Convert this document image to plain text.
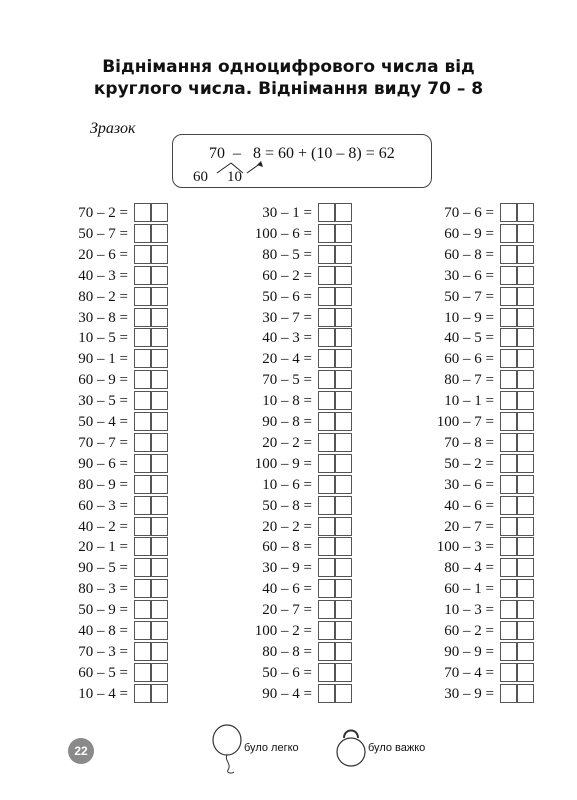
Віднімання одноцифрового числа від
круглого числа. Віднімання виду 70 – 8
Зразок
70  –   8 = 60 + (10 – 8) = 62
60 10
70 – 2 =
50 – 7 =
20 – 6 =
40 – 3 =
80 – 2 =
30 – 8 =
10 – 5 =
90 – 1 =
60 – 9 =
30 – 5 =
50 – 4 =
70 – 7 =
90 – 6 =
80 – 9 =
60 – 3 =
40 – 2 =
20 – 1 =
90 – 5 =
80 – 3 =
50 – 9 =
40 – 8 =
70 – 3 =
60 – 5 =
10 – 4 =
30 – 1 =
100 – 6 =
80 – 5 =
60 – 2 =
50 – 6 =
30 – 7 =
40 – 3 =
20 – 4 =
70 – 5 =
10 – 8 =
90 – 8 =
20 – 2 =
100 – 9 =
10 – 6 =
50 – 8 =
20 – 2 =
60 – 8 =
30 – 9 =
40 – 6 =
20 – 7 =
100 – 2 =
80 – 8 =
50 – 6 =
90 – 4 =
70 – 6 =
60 – 9 =
60 – 8 =
30 – 6 =
50 – 7 =
10 – 9 =
40 – 5 =
60 – 6 =
80 – 7 =
10 – 1 =
100 – 7 =
70 – 8 =
50 – 2 =
30 – 6 =
40 – 6 =
20 – 7 =
100 – 3 =
80 – 4 =
60 – 1 =
10 – 3 =
60 – 2 =
90 – 9 =
70 – 4 =
30 – 9 =
22	було легко	було важко
